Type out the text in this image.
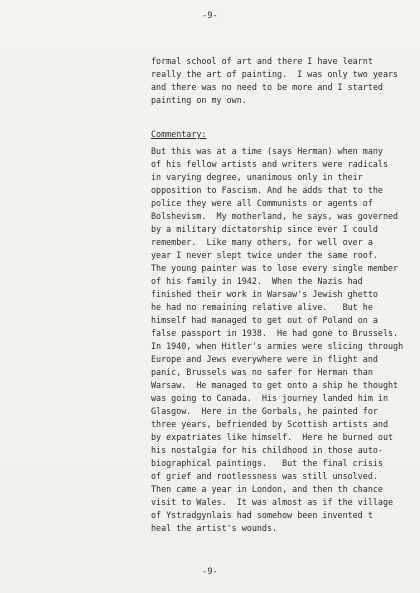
-9-
formal school of art and there I have learnt
really the art of painting.  I was only two years
and there was no need to be more and I started
painting on my own.
Commentary:
But this was at a time (says Herman) when many
of his fellow artists and writers were radicals
in varying degree, unanimous only in their
opposition to Fascism. And he adds that to the
police they were all Communists or agents of
Bolshevism.  My motherland, he says, was governed
by a military dictatorship since ever I could
remember.  Like many others, for well over a
year I never slept twice under the same roof.
The young painter was to lose every single member
of his family in 1942.  When the Nazis had
finished their work in Warsaw's Jewish ghetto
he had no remaining relative alive.   But he
himself had managed to get out of Poland on a
false passport in 1938.  He had gone to Brussels.
In 1940, when Hitler's armies were slicing through
Europe and Jews everywhere were in flight and
panic, Brussels was no safer for Herman than
Warsaw.  He managed to get onto a ship he thought
was going to Canada.  His journey landed him in
Glasgow.  Here in the Gorbals, he painted for
three years, befriended by Scottish artists and
by expatriates like himself.  Here he burned out
his nostalgia for his childhood in those auto-
biographical paintings.   But the final crisis
of grief and rootlessness was still unsolved.
Then came a year in London, and then th chance
visit to Wales.  It was almost as if the village
of Ystradgynlais had somehow been invented t
heal the artist's wounds.
-9-
